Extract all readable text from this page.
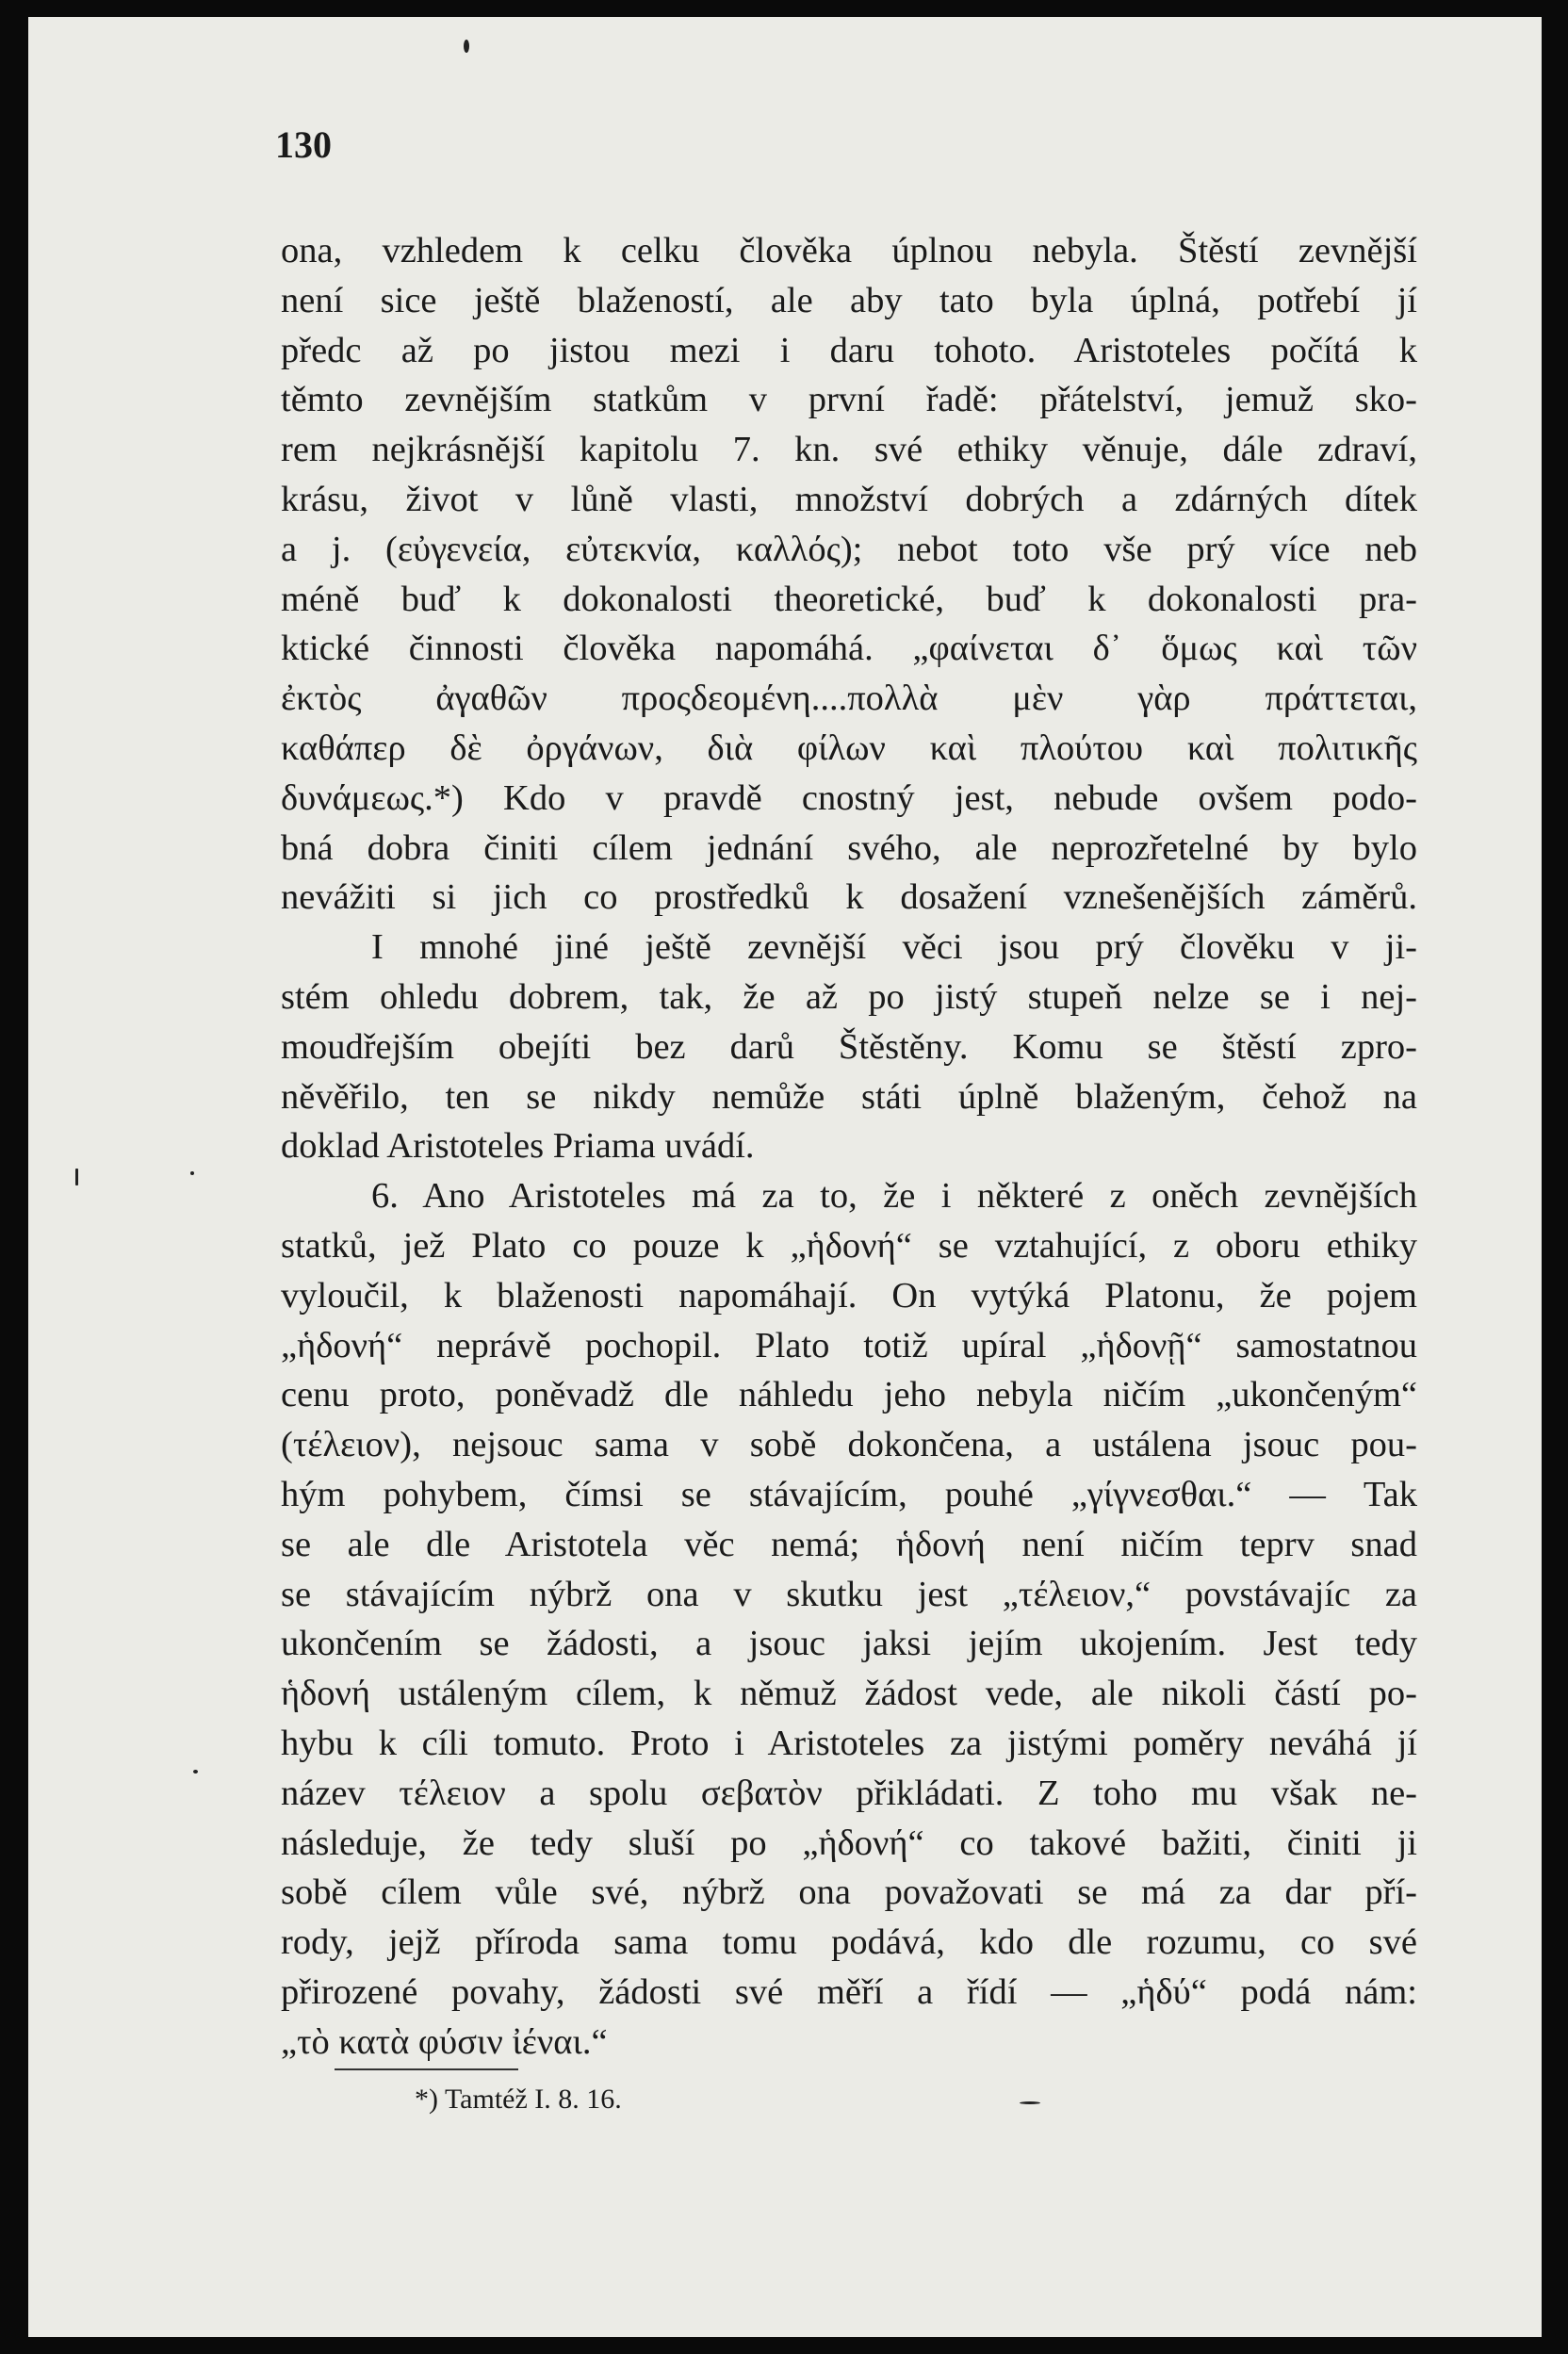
130
ona, vzhledem k celku člověka úplnou nebyla. Štěstí zevnější
není sice ještě blažeností, ale aby tato byla úplná, potřebí jí
předc až po jistou mezi i daru tohoto. Aristoteles počítá k
těmto zevnějším statkům v první řadě: přátelství, jemuž sko-
rem nejkrásnější kapitolu 7. kn. své ethiky věnuje, dále zdraví,
krásu, život v lůně vlasti, množství dobrých a zdárných dítek
a j. (εὐγενεία, εὐτεκνία, καλλός); nebot toto vše prý více neb
méně buď k dokonalosti theoretické, buď k dokonalosti pra-
ktické činnosti člověka napomáhá. „φαίνεται δ᾽ ὅμως καὶ τῶν
ἐκτὸς ἀγαθῶν προςδεομένη....πολλὰ μὲν γὰρ πράττεται,
καθάπερ δὲ ὀργάνων, διὰ φίλων καὶ πλούτου καὶ πολιτικῆς
δυνάμεως.*) Kdo v pravdě cnostný jest, nebude ovšem podo-
bná dobra činiti cílem jednání svého, ale neprozřetelné by bylo
nevážiti si jich co prostředků k dosažení vznešenějších záměrů.
I mnohé jiné ještě zevnější věci jsou prý člověku v ji-
stém ohledu dobrem, tak, že až po jistý stupeň nelze se i nej-
moudřejším obejíti bez darů Štěstěny. Komu se štěstí zpro-
něvěřilo, ten se nikdy nemůže státi úplně blaženým, čehož na
doklad Aristoteles Priama uvádí.
6. Ano Aristoteles má za to, že i některé z oněch zevnějších
statků, jež Plato co pouze k „ἡδονή“ se vztahující, z oboru ethiky
vyloučil, k blaženosti napomáhají. On vytýká Platonu, že pojem
„ἡδονή“ neprávě pochopil. Plato totiž upíral „ἡδονῇ“ samostatnou
cenu proto, poněvadž dle náhledu jeho nebyla ničím „ukončeným“
(τέλειον), nejsouc sama v sobě dokončena, a ustálena jsouc pou-
hým pohybem, čímsi se stávajícím, pouhé „γίγνεσθαι.“ — Tak
se ale dle Aristotela věc nemá; ἡδονή není ničím teprv snad
se stávajícím nýbrž ona v skutku jest „τέλειον,“ povstávajíc za
ukončením se žádosti, a jsouc jaksi jejím ukojením. Jest tedy
ἡδονή ustáleným cílem, k němuž žádost vede, ale nikoli částí po-
hybu k cíli tomuto. Proto i Aristoteles za jistými poměry neváhá jí
název τέλειον a spolu σεβατὸν přikládati. Z toho mu však ne-
následuje, že tedy sluší po „ἡδονή“ co takové bažiti, činiti ji
sobě cílem vůle své, nýbrž ona považovati se má za dar pří-
rody, jejž příroda sama tomu podává, kdo dle rozumu, co své
přirozené povahy, žádosti své měří a řídí — „ἡδύ“ podá nám:
„τὸ κατὰ φύσιν ἰέναι.“
*) Tamtéž I. 8. 16.
